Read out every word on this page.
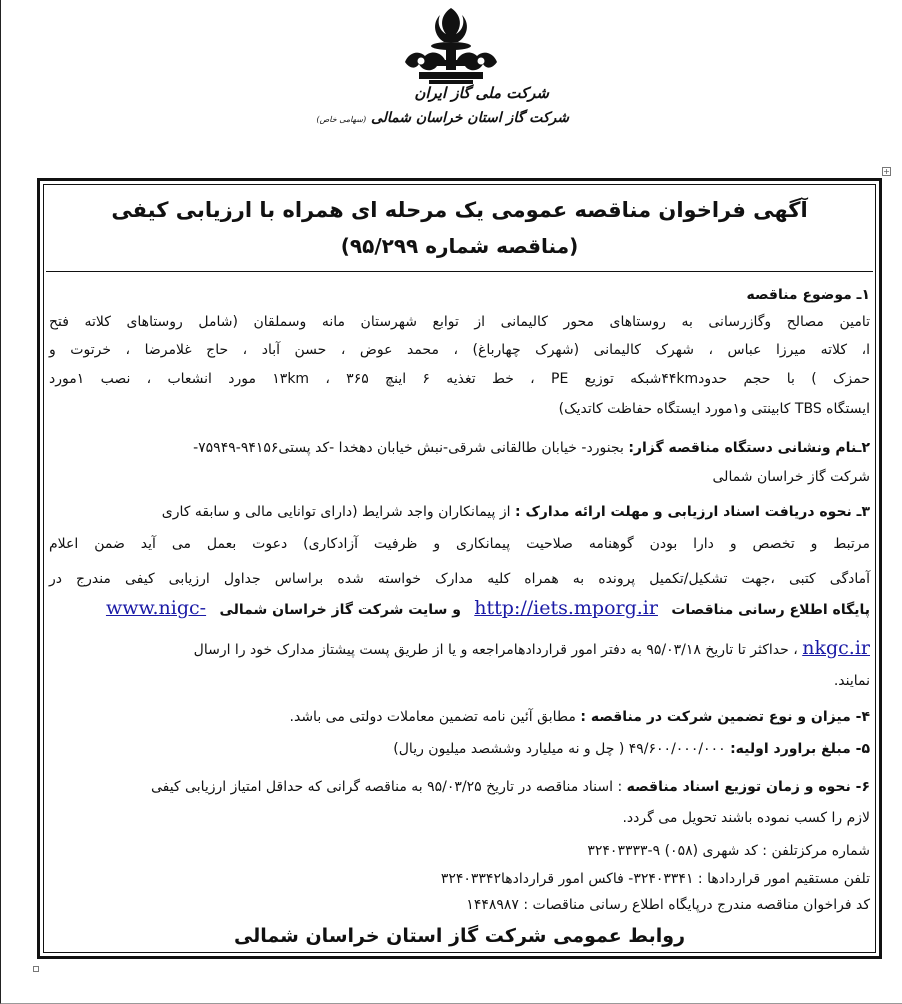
شرکت ملی گاز ایران
شرکت گاز استان خراسان شمالی (سهامی خاص)
+
آگهی فراخوان مناقصه عمومی یک مرحله ای همراه با ارزیابی کیفی
(مناقصه شماره ۹۵/۲۹۹)
۱ـ موضوع مناقصه
تامین مصالح وگازرسانی به روستاهای محور کالیمانی از توابع شهرستان مانه وسملقان (شامل روستاهای کلاته فتح
ا، کلاته میرزا عباس ، شهرک کالیمانی (شهرک چهارباغ) ، محمد عوض ، حسن آباد ، حاج غلامرضا ، خرتوت و
حمزک ) با حجم حدود۴۴kmشبکه توزیع PE ، خط تغذیه ۶ اینچ ۱۳km ، ۳۶۵ مورد انشعاب ، نصب ۱مورد
ایستگاه TBS کابینتی و۱مورد ایستگاه حفاظت کاتدیک)
۲ـنام ونشانی دستگاه مناقصه گزار: بجنورد- خیابان طالقانی شرقی-نبش خیابان دهخدا -کد پستی۹۴۱۵۶-۷۵۹۴۹-
شرکت گاز خراسان شمالی
۳ـ نحوه دریافت اسناد ارزیابی و مهلت ارائه مدارک : از پیمانکاران واجد شرایط (دارای توانایی مالی و سابقه کاری
مرتبط و تخصص و دارا بودن گوهنامه صلاحیت پیمانکاری و ظرفیت آزادکاری) دعوت بعمل می آید ضمن اعلام
آمادگی کتبی ،جهت تشکیل/تکمیل پرونده به همراه کلیه مدارک خواسته شده براساس جداول ارزیابی کیفی مندرج در
پایگاه اطلاع رسانی مناقصات   http://iets.mporg.ir   و سایت شرکت گاز خراسان شمالی   www.nigc-
nkgc.ir ، حداکثر تا تاریخ ۹۵/۰۳/۱۸ به دفتر امور قراردادهامراجعه و یا از طریق پست پیشتاز مدارک خود را ارسال
نمایند.
۴- میزان و نوع تضمین شرکت در مناقصه : مطابق آئین نامه تضمین معاملات دولتی می باشد.
۵- مبلغ براورد اولیه: ۴۹/۶۰۰/۰۰۰/۰۰۰ ( چل و نه میلیارد وششصد میلیون ریال)
۶- نحوه و زمان توزیع اسناد مناقصه : اسناد مناقصه در تاریخ ۹۵/۰۳/۲۵ به مناقصه گرانی که حداقل امتیاز ارزیابی کیفی
لازم را کسب نموده باشند تحویل می گردد.
شماره مرکزتلفن : کد شهری (۰۵۸) ۹-۳۲۴۰۳۳۳۳
تلفن مستقیم امور قراردادها : ۳۲۴۰۳۳۴۱- فاکس امور قراردادها۳۲۴۰۳۳۴۲
کد فراخوان مناقصه مندرج درپایگاه اطلاع رسانی مناقصات : ۱۴۴۸۹۸۷
روابط عمومی شرکت گاز استان خراسان شمالی
